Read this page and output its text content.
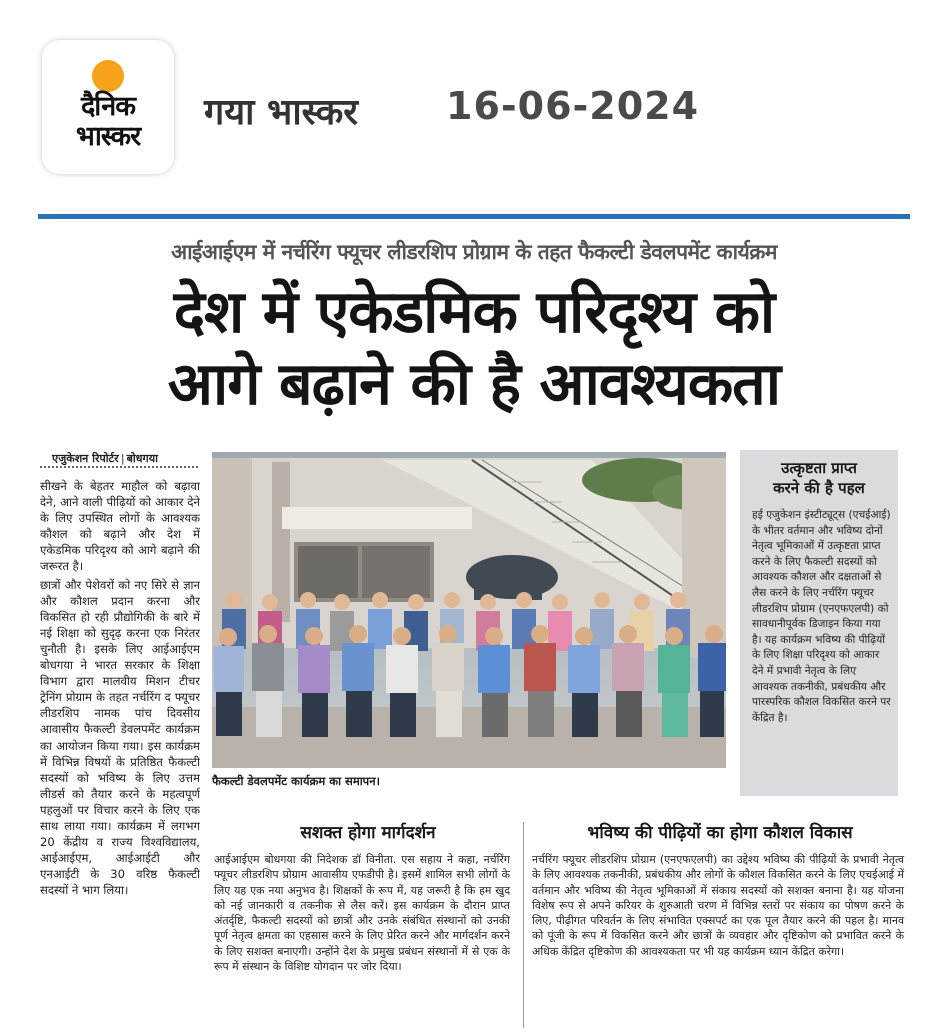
दैनिक
भास्कर
गया भास्कर 16-06-2024
आईआईएम में नर्चरिंग फ्यूचर लीडरशिप प्रोग्राम के तहत फैकल्टी डेवलपमेंट कार्यक्रम
देश में एकेडमिक परिदृश्य को
आगे बढ़ाने की है आवश्यकता
एजुकेशन रिपोर्टर | बोधगया

सीखने के बेहतर माहौल को बढ़ावा देने, आने वाली पीढ़ियों को आकार देने के लिए उपस्थित लोगों के आवश्यक कौशल को बढ़ाने और देश में एकेडमिक परिदृश्य को आगे बढ़ाने की जरूरत है।

छात्रों और पेशेवरों को नए सिरे से ज्ञान और कौशल प्रदान करना और विकसित हो रही प्रौद्योगिकी के बारे में नई शिक्षा को सुदृढ़ करना एक निरंतर चुनौती है। इसके लिए आईआईएम बोधगया ने भारत सरकार के शिक्षा विभाग द्वारा मालवीय मिशन टीचर ट्रेनिंग प्रोग्राम के तहत नर्चरिंग द फ्यूचर लीडरशिप नामक पांच दिवसीय आवासीय फैकल्टी डेवलपमेंट कार्यक्रम का आयोजन किया गया। इस कार्यक्रम में विभिन्न विषयों के प्रतिष्ठित फैकल्टी सदस्यों को भविष्य के लिए उत्तम लीडर्स को तैयार करने के महत्वपूर्ण पहलुओं पर विचार करने के लिए एक साथ लाया गया। कार्यक्रम में लगभग 20 केंद्रीय व राज्य विश्वविद्यालय, आईआईएम, आईआईटी और एनआईटी के 30 वरिष्ठ फैकल्टी सदस्यों ने भाग लिया।

फैकल्टी डेवलपमेंट कार्यक्रम का समापन।
उत्कृष्टता प्राप्त
करने की है पहल
हई एजुकेशन इंस्टीट्यूट्स (एचईआई) के भीतर वर्तमान और भविष्य दोनों नेतृत्व भूमिकाओं में उत्कृष्टता प्राप्त करने के लिए फैकल्टी सदस्यों को आवश्यक कौशल और दक्षताओं से लैस करने के लिए नर्चरिंग फ्यूचर लीडरशिप प्रोग्राम (एनएफएलपी) को सावधानीपूर्वक डिजाइन किया गया है। यह कार्यक्रम भविष्य की पीढ़ियों के लिए शिक्षा परिदृश्य को आकार देने में प्रभावी नेतृत्व के लिए आवश्यक तकनीकी, प्रबंधकीय और पारस्परिक कौशल विकसित करने पर केंद्रित है।
सशक्त होगा मार्गदर्शन
आईआईएम बोधगया की निदेशक डॉ विनीता. एस सहाय ने कहा, नर्चरिंग फ्यूचर लीडरशिप प्रोग्राम आवासीय एफडीपी है। इसमें शामिल सभी लोगों के लिए यह एक नया अनुभव है। शिक्षकों के रूप में, यह जरूरी है कि हम खुद को नई जानकारी व तकनीक से लैस करें। इस कार्यक्रम के दौरान प्राप्त अंतर्दृष्टि, फैकल्टी सदस्यों को छात्रों और उनके संबंधित संस्थानों को उनकी पूर्ण नेतृत्व क्षमता का एहसास करने के लिए प्रेरित करने और मार्गदर्शन करने के लिए सशक्त बनाएगी। उन्होंने देश के प्रमुख प्रबंधन संस्थानों में से एक के रूप में संस्थान के विशिष्ट योगदान पर जोर दिया।
भविष्य की पीढ़ियों का होगा कौशल विकास
नर्चरिंग फ्यूचर लीडरशिप प्रोग्राम (एनएफएलपी) का उद्देश्य भविष्य की पीढ़ियों के प्रभावी नेतृत्व के लिए आवश्यक तकनीकी, प्रबंधकीय और लोगों के कौशल विकसित करने के लिए एचईआई में वर्तमान और भविष्य की नेतृत्व भूमिकाओं में संकाय सदस्यों को सशक्त बनाना है। यह योजना विशेष रूप से अपने करियर के शुरुआती चरण में विभिन्न स्तरों पर संकाय का पोषण करने के लिए, पीढ़ीगत परिवर्तन के लिए संभावित एक्सपर्ट का एक पूल तैयार करने की पहल है। मानव को पूंजी के रूप में विकसित करने और छात्रों के व्यवहार और दृष्टिकोण को प्रभावित करने के अधिक केंद्रित दृष्टिकोण की आवश्यकता पर भी यह कार्यक्रम ध्यान केंद्रित करेगा।
